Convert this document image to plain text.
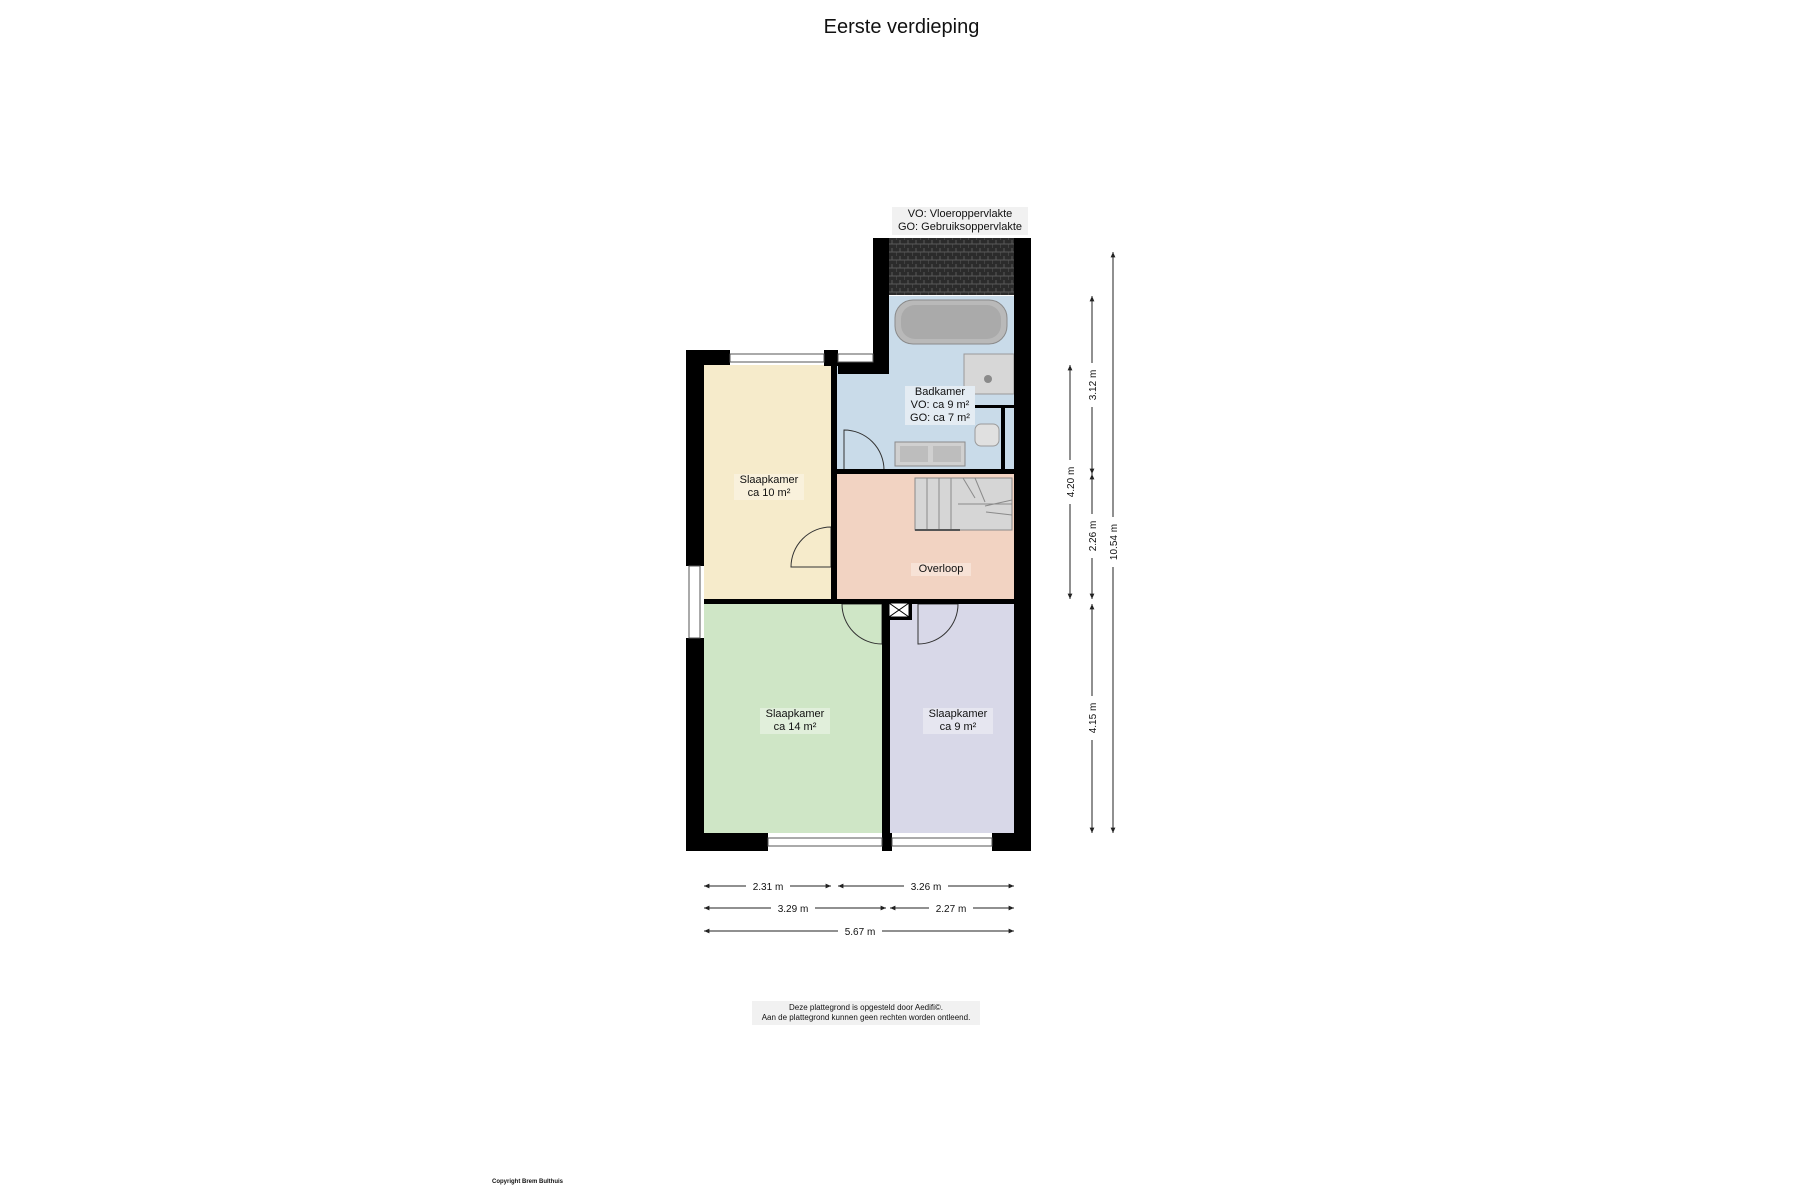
Eerste verdieping
2.31 m	3.26 m
3.29 m	2.27 m
5.67 m
3.12 m
4.20 m
2.26 m
4.15 m
10.54 m
VO: Vloeroppervlakte
GO: Gebruiksoppervlakte
Badkamer
VO: ca 9 m²
GO: ca 7 m²
Slaapkamer
ca 10 m²
Overloop
Slaapkamer
ca 14 m²
Slaapkamer
ca 9 m²
Deze plattegrond is opgesteld door Aedifi©.
Aan de plattegrond kunnen geen rechten worden ontleend.
Copyright Brem Bulthuis
